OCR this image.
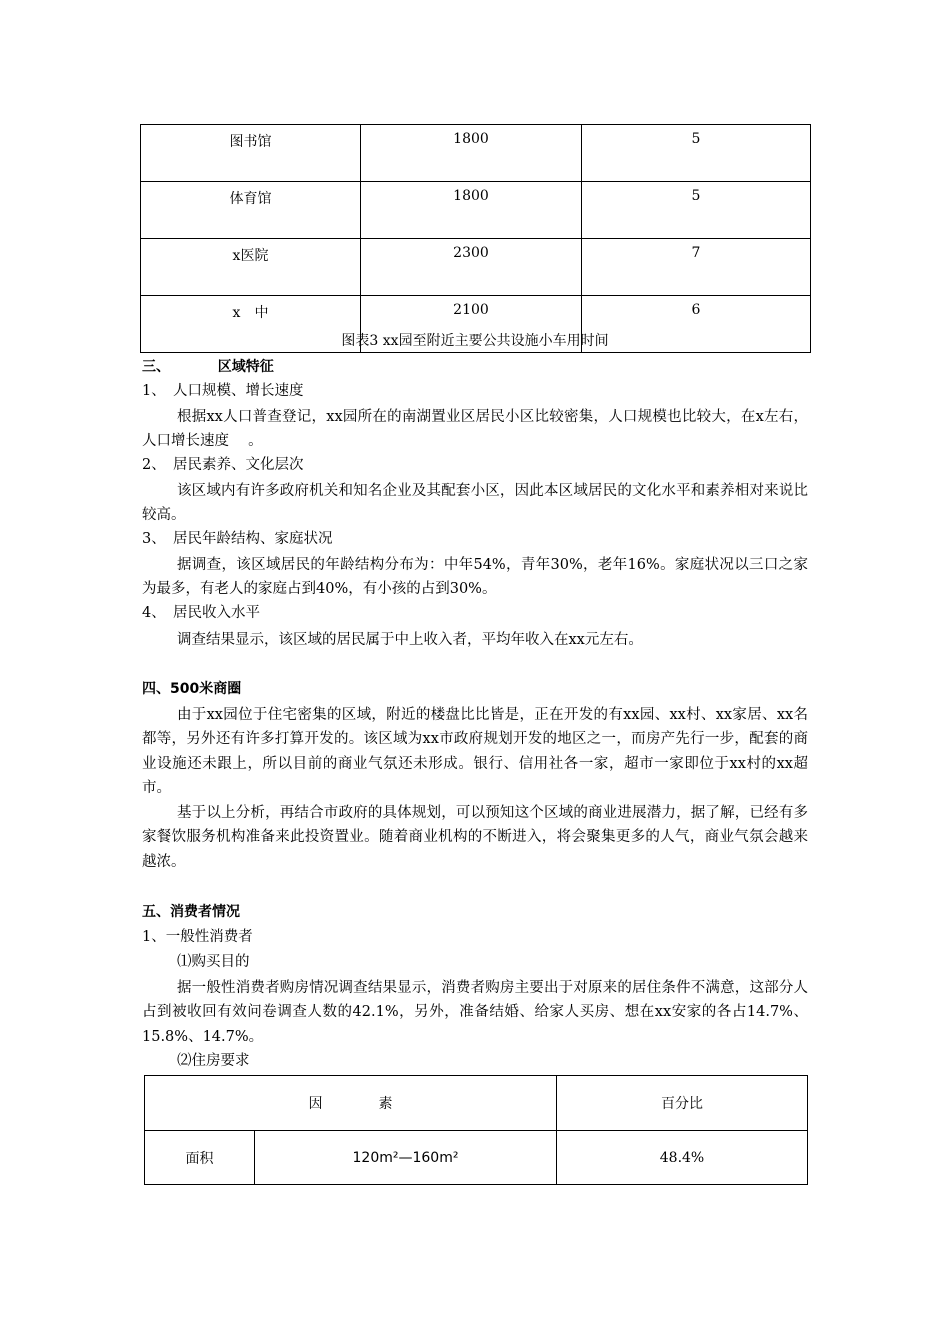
图书馆	1800	5
体育馆	1800	5
x医院	2300	7
x　中	2100	6
图表3 xx园至附近主要公共设施小车用时间
三、	区域特征
1、　人口规模、增长速度
根据xx人口普查登记，xx园所在的南湖置业区居民小区比较密集，人口规模也比较大，在x左右，人口增长速度　 。
2、　居民素养、文化层次
该区域内有许多政府机关和知名企业及其配套小区，因此本区域居民的文化水平和素养相对来说比较高。
3、　居民年龄结构、家庭状况
据调查，该区域居民的年龄结构分布为：中年54%，青年30%，老年16%。家庭状况以三口之家为最多，有老人的家庭占到40%，有小孩的占到30%。
4、　居民收入水平
调查结果显示，该区域的居民属于中上收入者，平均年收入在xx元左右。
四、500米商圈
由于xx园位于住宅密集的区域，附近的楼盘比比皆是，正在开发的有xx园、xx村、xx家居、xx名都等，另外还有许多打算开发的。该区域为xx市政府规划开发的地区之一，而房产先行一步，配套的商业设施还未跟上，所以目前的商业气氛还未形成。银行、信用社各一家，超市一家即位于xx村的xx超市。
基于以上分析，再结合市政府的具体规划，可以预知这个区域的商业进展潜力，据了解，已经有多家餐饮服务机构准备来此投资置业。随着商业机构的不断进入，将会聚集更多的人气，商业气氛会越来越浓。
五、消费者情况
1、一般性消费者
⑴购买目的
据一般性消费者购房情况调查结果显示，消费者购房主要出于对原来的居住条件不满意，这部分人占到被收回有效问卷调查人数的42.1%，另外，准备结婚、给家人买房、想在xx安家的各占14.7%、15.8%、14.7%。
⑵住房要求
因　　　　素		百分比
面积	120m²—160m²	48.4%
